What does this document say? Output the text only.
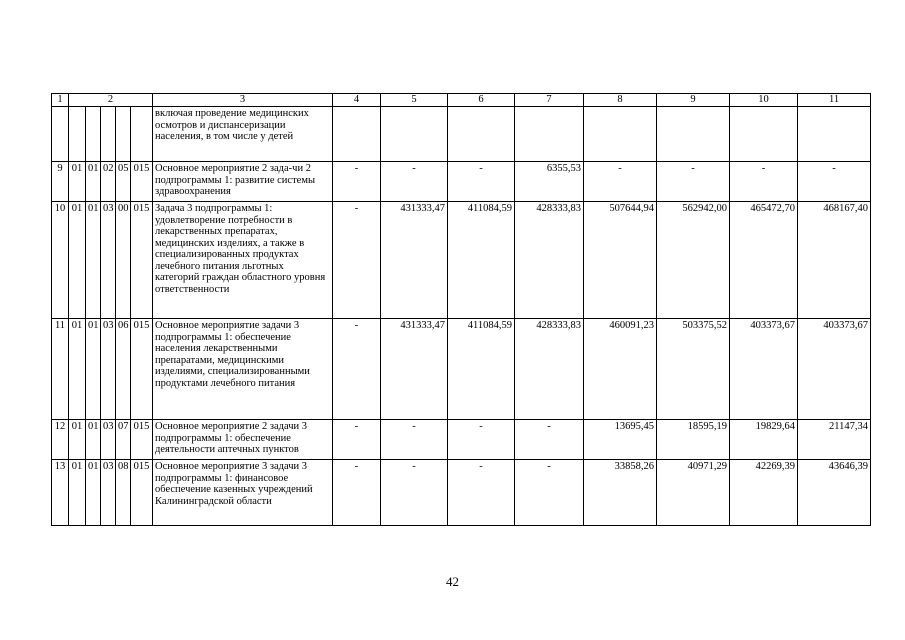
1	2					3	4	5	6	7	8	9	10	11
						включая проведение медицинских осмотров и диспансеризации населения, в том числе у детей								
9	01	01	02	05	015	Основное мероприятие 2 зада-чи 2 подпрограммы 1: развитие системы здравоохранения	-	-	-	6355,53	-	-	-	-
10	01	01	03	00	015	Задача 3 подпрограммы 1: удовлетворение потребности в лекарственных препаратах, медицинских изделиях, а также в специализированных продуктах лечебного питания льготных категорий граждан областного уровня ответственности	-	431333,47	411084,59	428333,83	507644,94	562942,00	465472,70	468167,40
11	01	01	03	06	015	Основное мероприятие задачи 3 подпрограммы 1: обеспечение населения лекарственными препаратами, медицинскими изделиями, специализированными продуктами лечебного питания	-	431333,47	411084,59	428333,83	460091,23	503375,52	403373,67	403373,67
12	01	01	03	07	015	Основное мероприятие 2 задачи 3 подпрограммы 1: обеспечение деятельности аптечных пунктов	-	-	-	-	13695,45	18595,19	19829,64	21147,34
13	01	01	03	08	015	Основное мероприятие 3 задачи 3 подпрограммы 1: финансовое обеспечение казенных учреждений Калининградской области	-	-	-	-	33858,26	40971,29	42269,39	43646,39
42
